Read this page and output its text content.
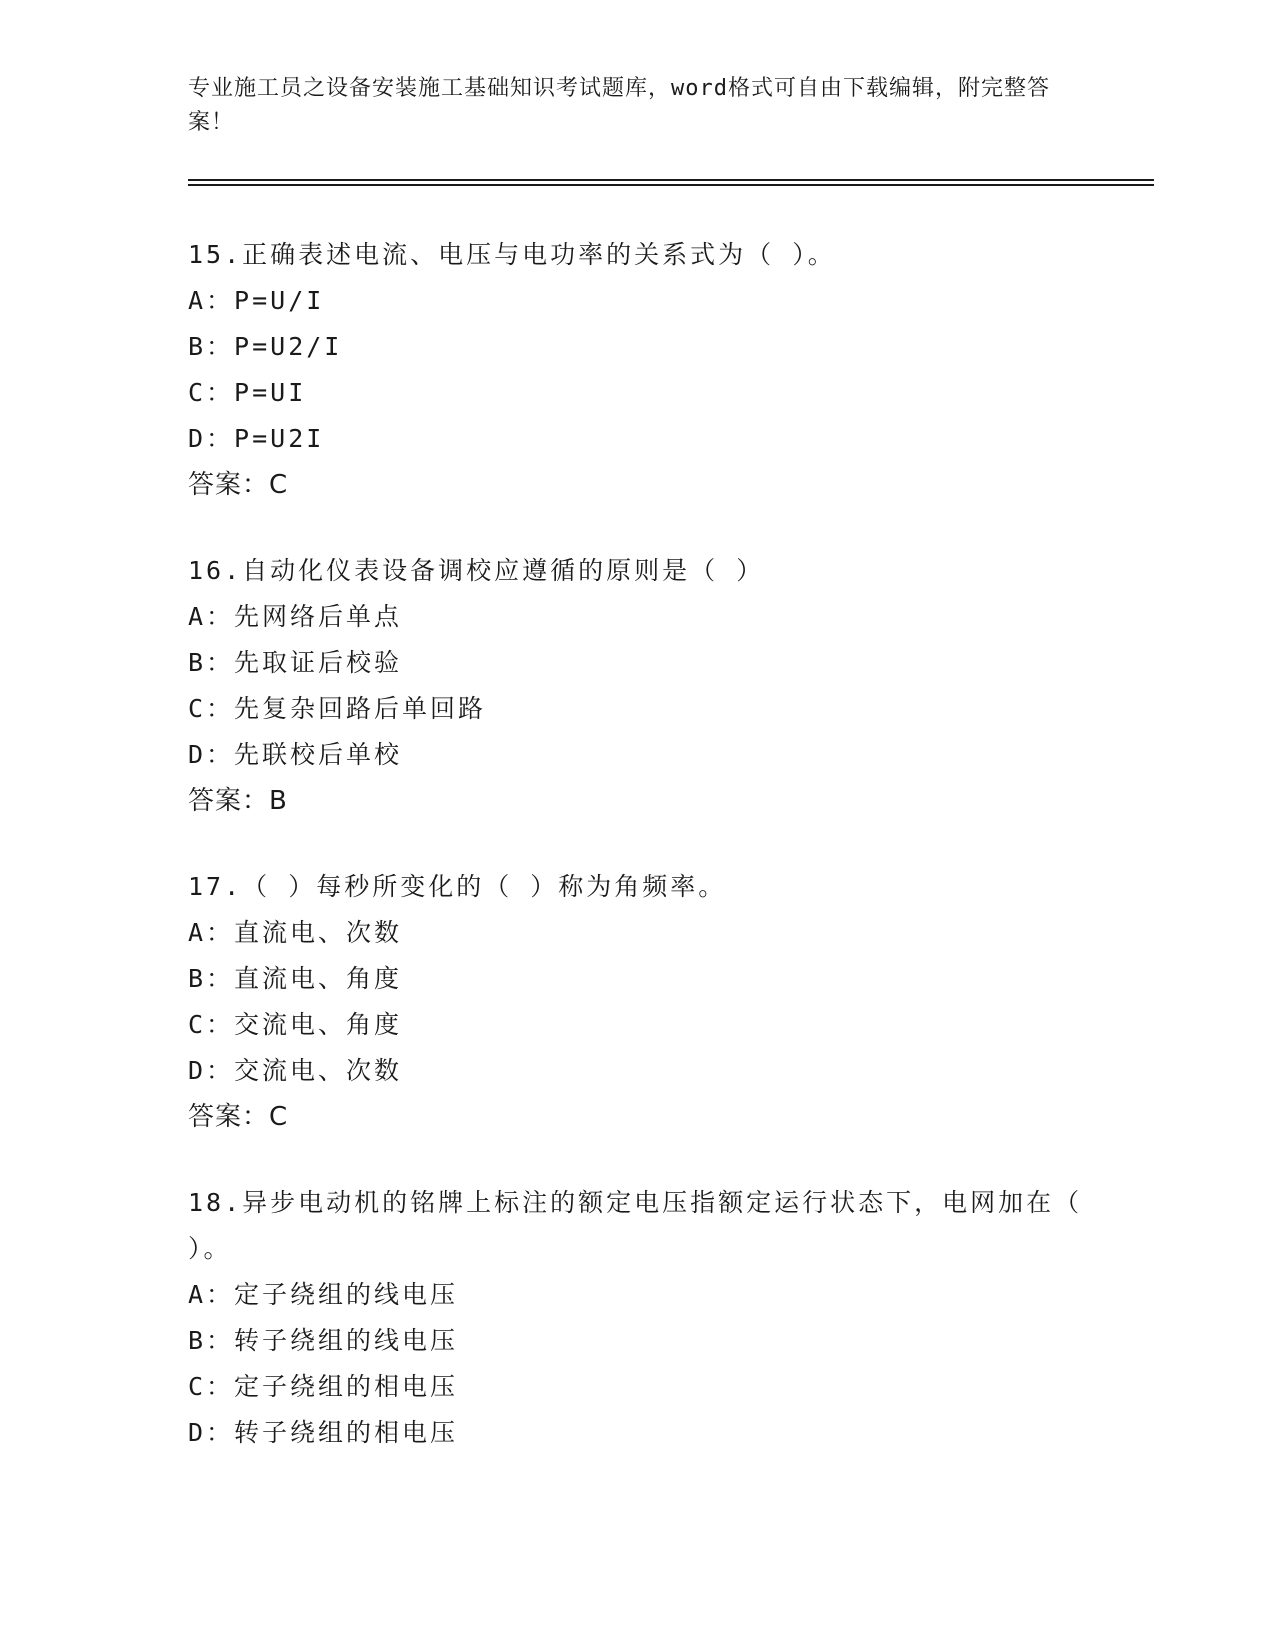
专业施工员之设备安装施工基础知识考试题库，word格式可自由下载编辑，附完整答案！
15.正确表述电流、电压与电功率的关系式为（ ）。
A：P=U/I
B：P=U2/I
C：P=UI
D：P=U2I
答案：C
16.自动化仪表设备调校应遵循的原则是（ ）
A：先网络后单点
B：先取证后校验
C：先复杂回路后单回路
D：先联校后单校
答案：B
17.（ ）每秒所变化的（ ）称为角频率。
A：直流电、次数
B：直流电、角度
C：交流电、角度
D：交流电、次数
答案：C
18.异步电动机的铭牌上标注的额定电压指额定运行状态下，电网加在（ ）。
A：定子绕组的线电压
B：转子绕组的线电压
C：定子绕组的相电压
D：转子绕组的相电压
